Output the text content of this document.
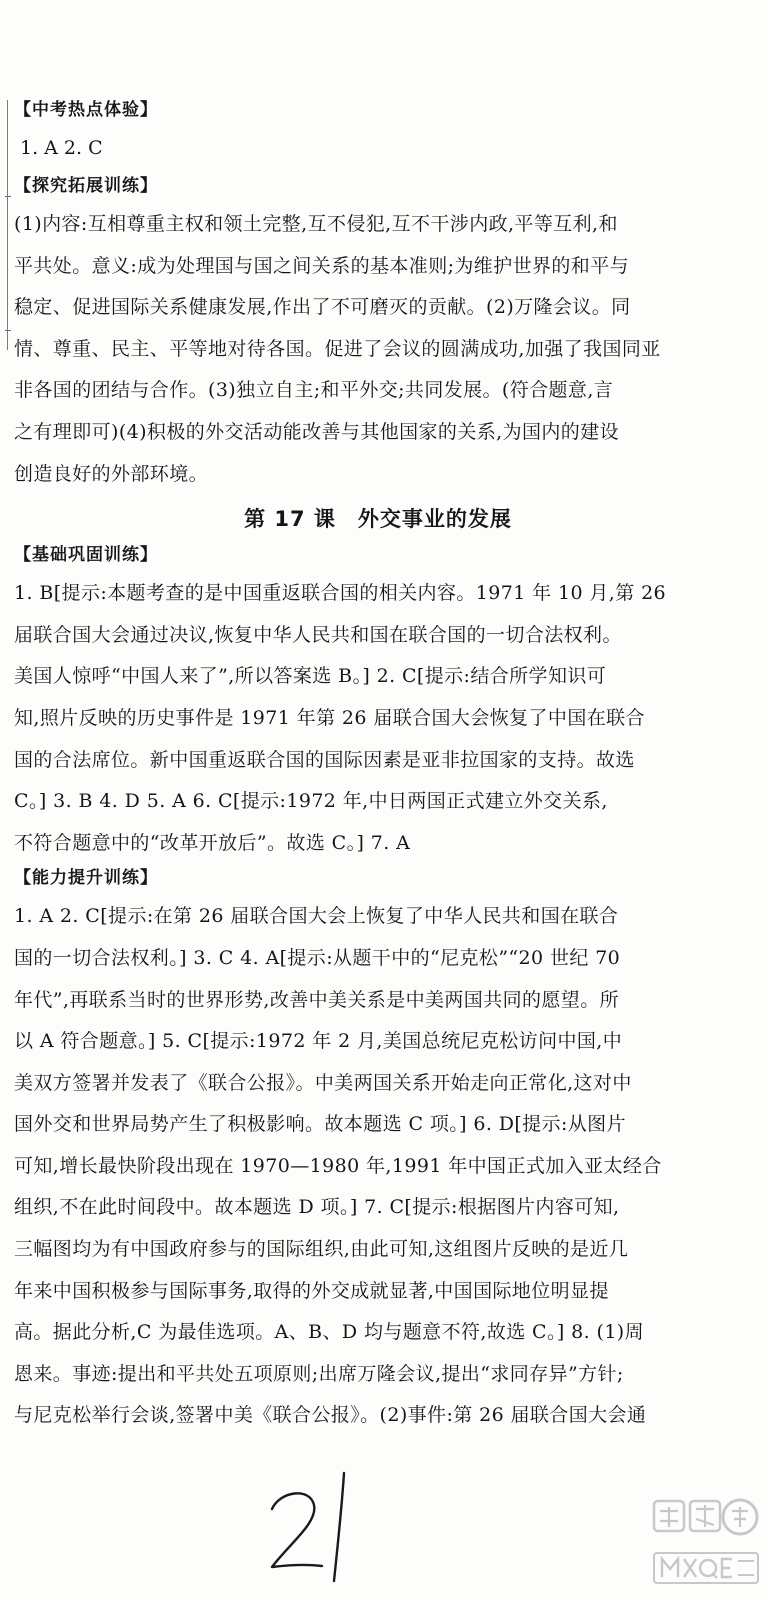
【中考热点体验】
1. A 2. C
【探究拓展训练】

(1)内容:互相尊重主权和领土完整,互不侵犯,互不干涉内政,平等互利,和
平共处。意义:成为处理国与国之间关系的基本准则;为维护世界的和平与
稳定、促进国际关系健康发展,作出了不可磨灭的贡献。(2)万隆会议。同
情、尊重、民主、平等地对待各国。促进了会议的圆满成功,加强了我国同亚
非各国的团结与合作。(3)独立自主;和平外交;共同发展。(符合题意,言
之有理即可)(4)积极的外交活动能改善与其他国家的关系,为国内的建设
创造良好的外部环境。

第 17 课 外交事业的发展
【基础巩固训练】

1. B[提示:本题考查的是中国重返联合国的相关内容。1971 年 10 月,第 26
届联合国大会通过决议,恢复中华人民共和国在联合国的一切合法权利。
美国人惊呼“中国人来了”,所以答案选 B。] 2. C[提示:结合所学知识可
知,照片反映的历史事件是 1971 年第 26 届联合国大会恢复了中国在联合
国的合法席位。新中国重返联合国的国际因素是亚非拉国家的支持。故选
C。] 3. B 4. D 5. A 6. C[提示:1972 年,中日两国正式建立外交关系,
不符合题意中的“改革开放后”。故选 C。] 7. A

【能力提升训练】

1. A 2. C[提示:在第 26 届联合国大会上恢复了中华人民共和国在联合
国的一切合法权利。] 3. C 4. A[提示:从题干中的“尼克松”“20 世纪 70
年代”,再联系当时的世界形势,改善中美关系是中美两国共同的愿望。所
以 A 符合题意。] 5. C[提示:1972 年 2 月,美国总统尼克松访问中国,中
美双方签署并发表了《联合公报》。中美两国关系开始走向正常化,这对中
国外交和世界局势产生了积极影响。故本题选 C 项。] 6. D[提示:从图片
可知,增长最快阶段出现在 1970—1980 年,1991 年中国正式加入亚太经合
组织,不在此时间段中。故本题选 D 项。] 7. C[提示:根据图片内容可知,
三幅图均为有中国政府参与的国际组织,由此可知,这组图片反映的是近几
年来中国积极参与国际事务,取得的外交成就显著,中国国际地位明显提
高。据此分析,C 为最佳选项。A、B、D 均与题意不符,故选 C。] 8. (1)周
恩来。事迹:提出和平共处五项原则;出席万隆会议,提出“求同存异”方针;
与尼克松举行会谈,签署中美《联合公报》。(2)事件:第 26 届联合国大会通
